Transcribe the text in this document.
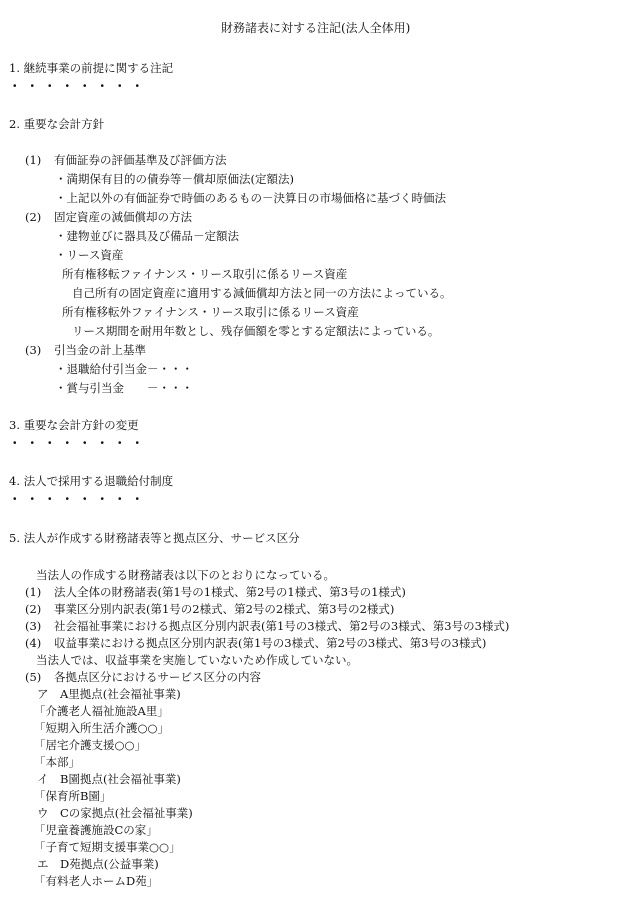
財務諸表に対する注記(法人全体用)
1. 継続事業の前提に関する注記
・・・・・・・・
2. 重要な会計方針
(1) 有価証券の評価基準及び評価方法
・満期保有目的の債券等－償却原価法(定額法)
・上記以外の有価証券で時価のあるもの－決算日の市場価格に基づく時価法
(2) 固定資産の減価償却の方法
・建物並びに器具及び備品－定額法
・リース資産
所有権移転ファイナンス・リース取引に係るリース資産
自己所有の固定資産に適用する減価償却方法と同一の方法によっている。
所有権移転外ファイナンス・リース取引に係るリース資産
リース期間を耐用年数とし、残存価額を零とする定額法によっている。
(3) 引当金の計上基準
・退職給付引当金－・・・
・賞与引当金　　－・・・
3. 重要な会計方針の変更
・・・・・・・・
4. 法人で採用する退職給付制度
・・・・・・・・
5. 法人が作成する財務諸表等と拠点区分、サービス区分
当法人の作成する財務諸表は以下のとおりになっている。
(1) 法人全体の財務諸表(第1号の1様式、第2号の1様式、第3号の1様式)
(2) 事業区分別内訳表(第1号の2様式、第2号の2様式、第3号の2様式)
(3) 社会福祉事業における拠点区分別内訳表(第1号の3様式、第2号の3様式、第3号の3様式)
(4) 収益事業における拠点区分別内訳表(第1号の3様式、第2号の3様式、第3号の3様式)
当法人では、収益事業を実施していないため作成していない。
(5) 各拠点区分におけるサービス区分の内容
ア　A里拠点(社会福祉事業)
「介護老人福祉施設A里」
「短期入所生活介護○○」
「居宅介護支援○○」
「本部」
イ　B園拠点(社会福祉事業)
「保育所B園」
ウ　Cの家拠点(社会福祉事業)
「児童養護施設Cの家」
「子育て短期支援事業○○」
エ　D苑拠点(公益事業)
「有料老人ホームD苑」
